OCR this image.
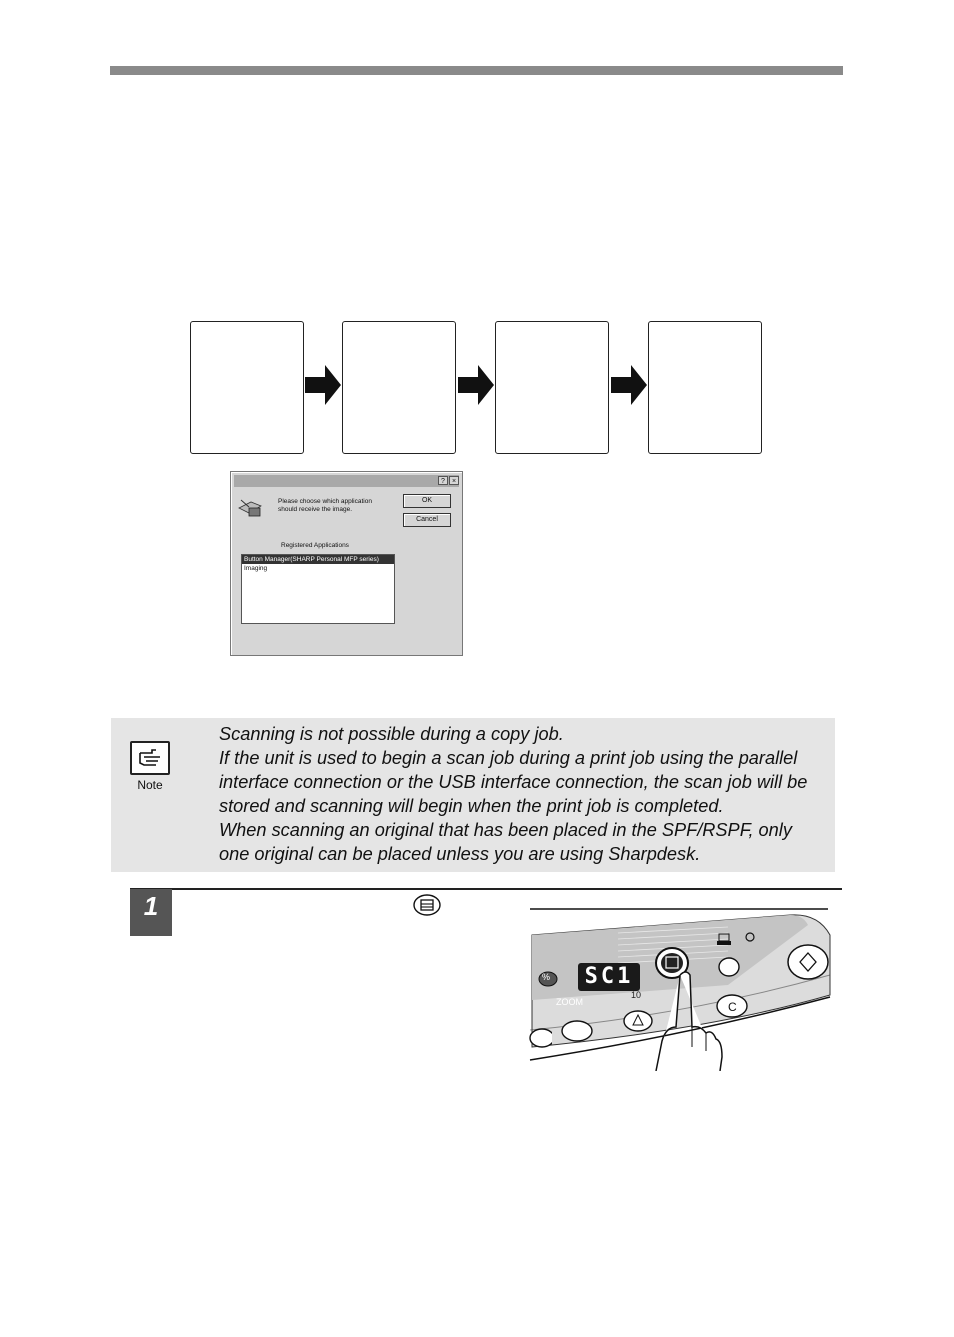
?	×
Please choose which application should receive the image.
OK
Cancel
Registered Applications
Button Manager(SHARP Personal MFP series)
Imaging
Note
Scanning is not possible during a copy job.
If the unit is used to begin a scan job during a print job using the parallel
interface connection or the USB interface connection, the scan job will be
stored and scanning will begin when the print job is completed.
When scanning an original that has been placed in the SPF/RSPF, only
one original can be placed unless you are using Sharpdesk.
1
%	SC1
ZOOM
10
C
